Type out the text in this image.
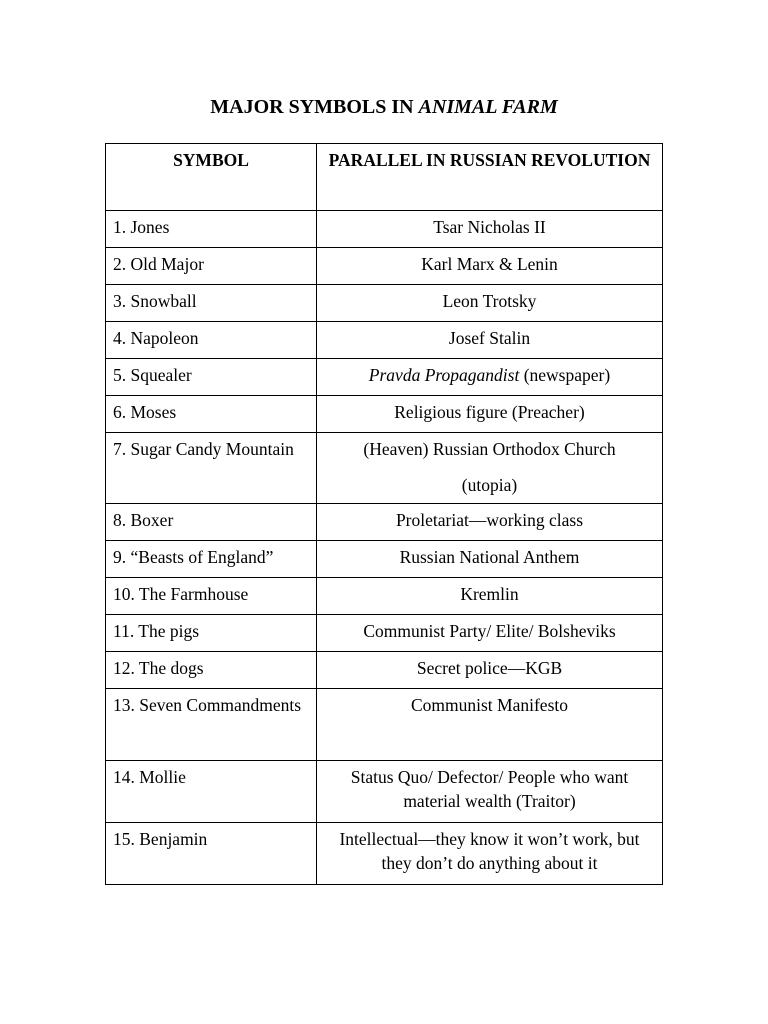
MAJOR SYMBOLS IN ANIMAL FARM
SYMBOL	PARALLEL IN RUSSIAN REVOLUTION
1. Jones	Tsar Nicholas II
2. Old Major	Karl Marx & Lenin
3. Snowball	Leon Trotsky
4. Napoleon	Josef Stalin
5. Squealer	Pravda Propagandist (newspaper)
6. Moses	Religious figure (Preacher)
7. Sugar Candy Mountain	(Heaven) Russian Orthodox Church
(utopia)
8. Boxer	Proletariat—working class
9. “Beasts of England”	Russian National Anthem
10. The Farmhouse	Kremlin
11. The pigs	Communist Party/ Elite/ Bolsheviks
12. The dogs	Secret police—KGB
13. Seven Commandments	Communist Manifesto
14. Mollie	Status Quo/ Defector/ People who want material wealth (Traitor)
15. Benjamin	Intellectual—they know it won’t work, but they don’t do anything about it
